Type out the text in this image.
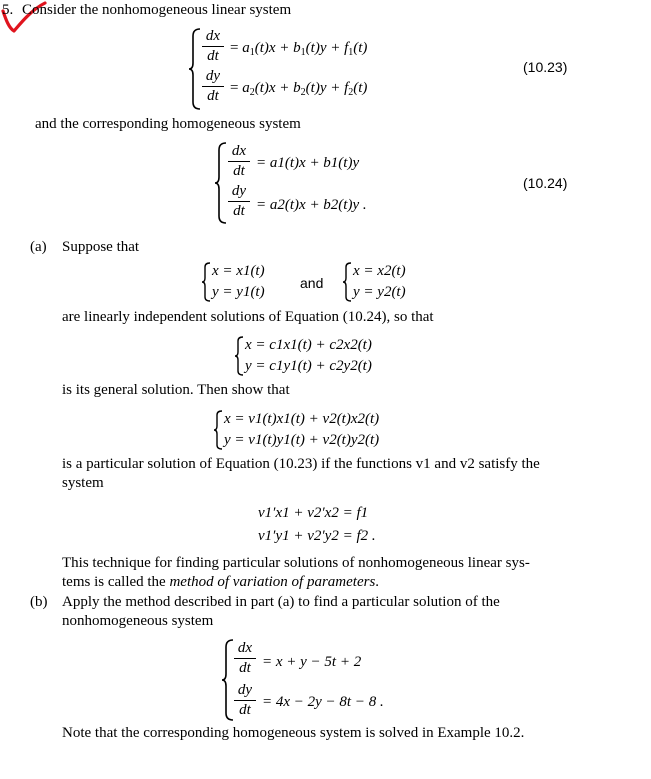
5. Consider the nonhomogeneous linear system
dx
dt = $a_1(t)x + b_1(t)y + f_1(t)$
dy
dt = $a_2(t)x + b_2(t)y + f_2(t)$
(10.23)
and the corresponding homogeneous system
dx
dt = a1(t)x + b1(t)y
dy
dt = a2(t)x + b2(t)y .
(10.24)
(a) Suppose that
x = x1(t)
y = y1(t)
and
x = x2(t)
y = y2(t)
are linearly independent solutions of Equation (10.24), so that
x = c1x1(t) + c2x2(t)
y = c1y1(t) + c2y2(t)
is its general solution. Then show that
x = v1(t)x1(t) + v2(t)x2(t)
y = v1(t)y1(t) + v2(t)y2(t)
is a particular solution of Equation (10.23) if the functions v1 and v2 satisfy the
system
v1′x1 + v2′x2 = f1
v1′y1 + v2′y2 = f2 .
This technique for finding particular solutions of nonhomogeneous linear sys-
tems is called the method of variation of parameters.
(b) Apply the method described in part (a) to find a particular solution of the
nonhomogeneous system
dx
dt = x + y − 5t + 2
dy
dt = 4x − 2y − 8t − 8 .
Note that the corresponding homogeneous system is solved in Example 10.2.
